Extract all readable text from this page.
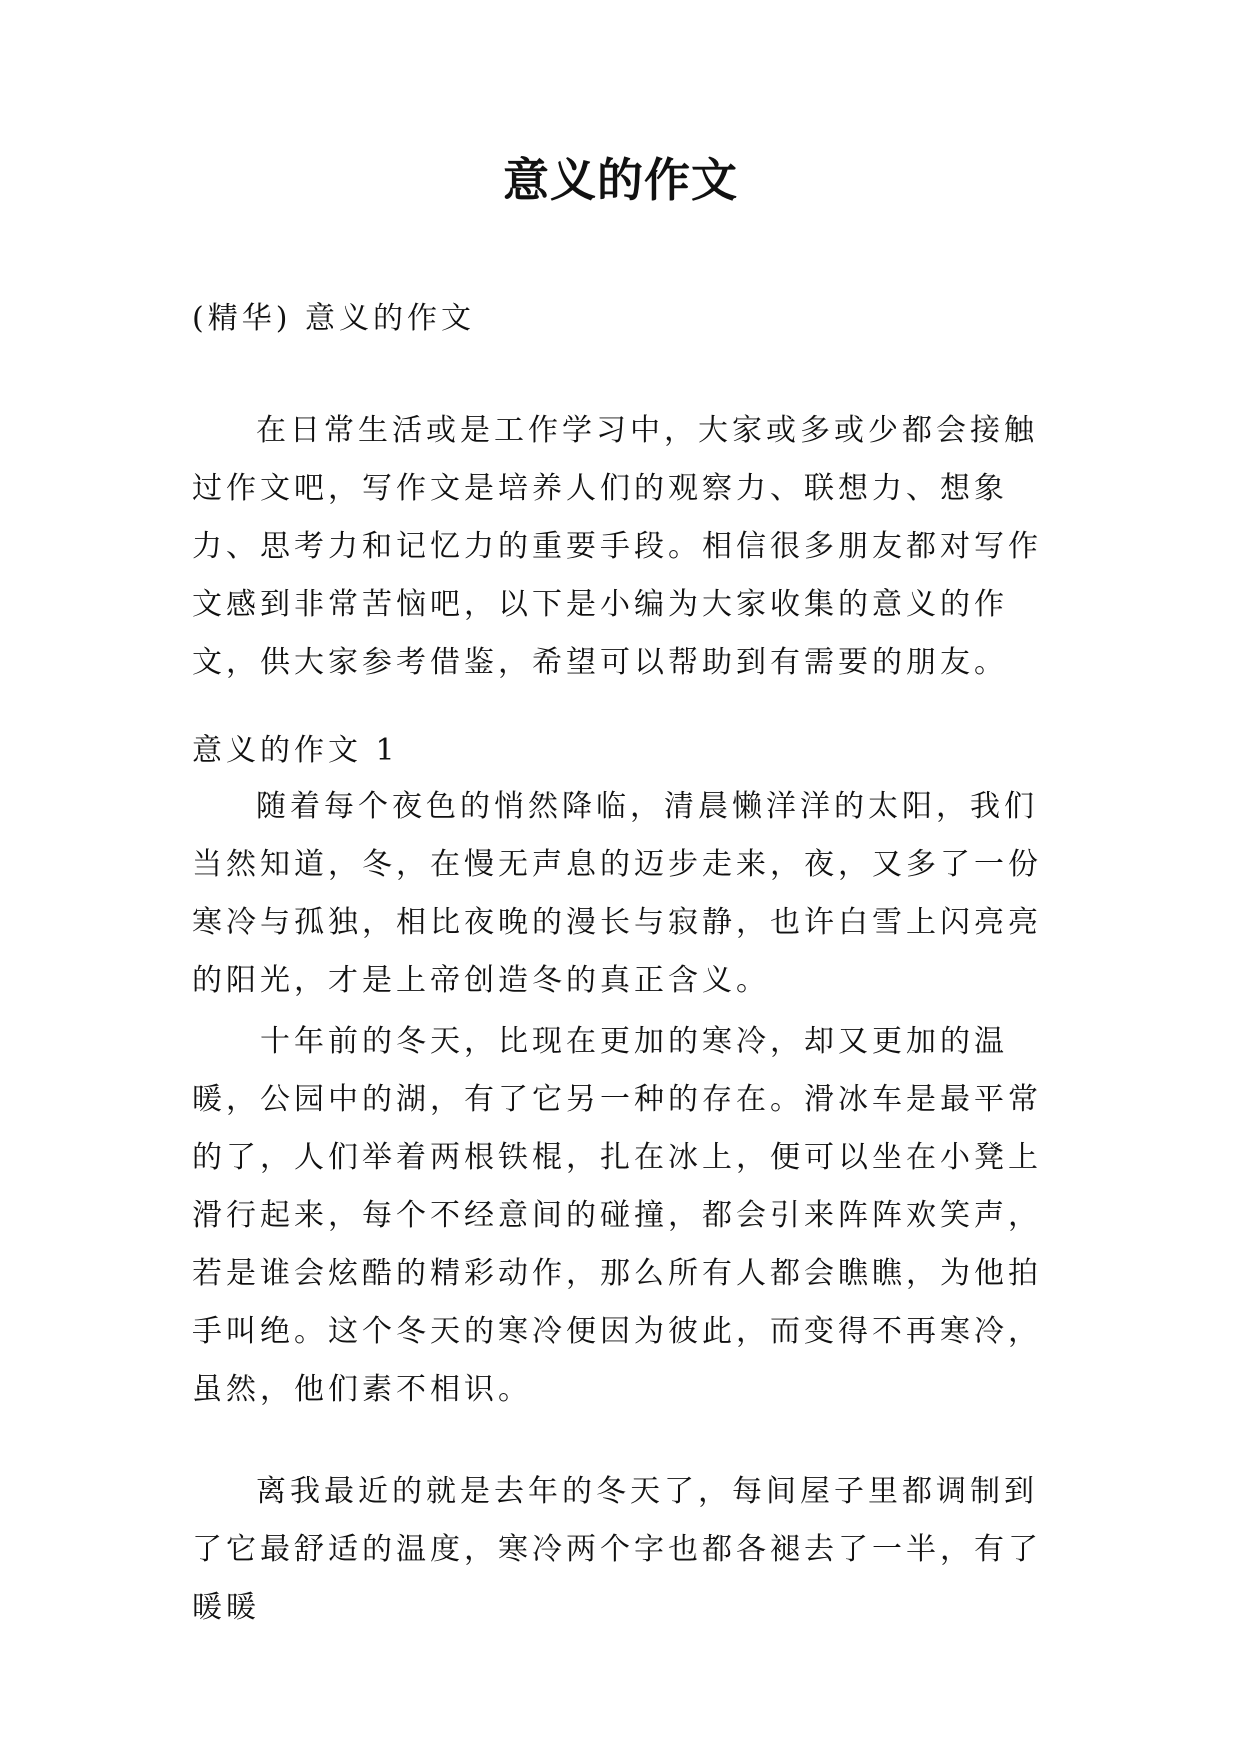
意义的作文

(精华) 意义的作文

在日常生活或是工作学习中，大家或多或少都会接触过作文吧，写作文是培养人们的观察力、联想力、想象力、思考力和记忆力的重要手段。相信很多朋友都对写作文感到非常苦恼吧，以下是小编为大家收集的意义的作文，供大家参考借鉴，希望可以帮助到有需要的朋友。

意义的作文 1

随着每个夜色的悄然降临，清晨懒洋洋的太阳，我们当然知道，冬，在慢无声息的迈步走来，夜，又多了一份寒冷与孤独，相比夜晚的漫长与寂静，也许白雪上闪亮亮的阳光，才是上帝创造冬的真正含义。

十年前的冬天，比现在更加的寒冷，却又更加的温暖，公园中的湖，有了它另一种的存在。滑冰车是最平常的了，人们举着两根铁棍，扎在冰上，便可以坐在小凳上滑行起来，每个不经意间的碰撞，都会引来阵阵欢笑声，若是谁会炫酷的精彩动作，那么所有人都会瞧瞧，为他拍手叫绝。这个冬天的寒冷便因为彼此，而变得不再寒冷，虽然，他们素不相识。

离我最近的就是去年的冬天了，每间屋子里都调制到了它最舒适的温度，寒冷两个字也都各褪去了一半，有了暖暖
